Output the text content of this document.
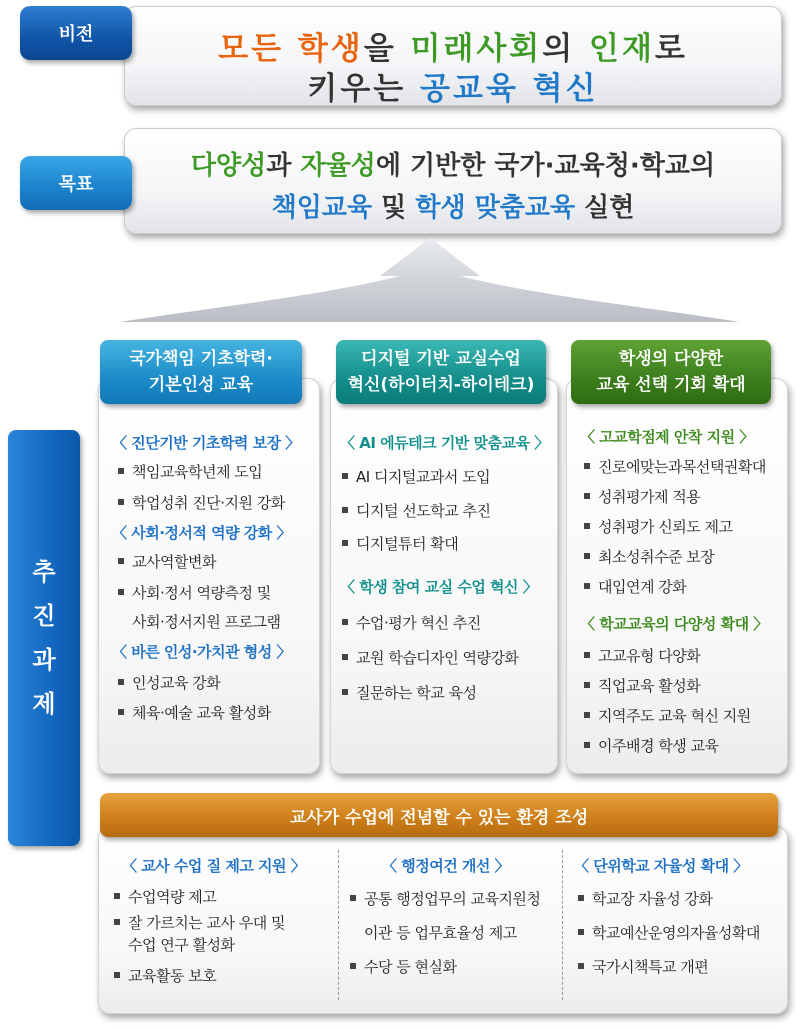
모든 학생을 미래사회의 인재로
키우는 공교육 혁신
비전
다양성과 자율성에 기반한 국가·교육청·학교의
책임교육 및 학생 맞춤교육 실현
목표
추
진
과
제
국가책임 기초학력·
기본인성 교육
〈 진단기반 기초학력 보장 〉
책임교육학년제 도입
학업성취 진단·지원 강화
〈 사회·정서적 역량 강화 〉
교사역할변화
사회·정서 역량측정 및
사회·정서지원 프로그램
〈 바른 인성·가치관 형성 〉
인성교육 강화
체육·예술 교육 활성화
디지털 기반 교실수업
혁신(하이터치-하이테크)
〈 AI 에듀테크 기반 맞춤교육 〉
AI 디지털교과서 도입
디지털 선도학교 추진
디지털튜터 확대
〈 학생 참여 교실 수업 혁신 〉
수업·평가 혁신 추진
교원 학습디자인 역량강화
질문하는 학교 육성
학생의 다양한
교육 선택 기회 확대
〈 고교학점제 안착 지원 〉
진로에맞는과목선택권확대
성취평가제 적용
성취평가 신뢰도 제고
최소성취수준 보장
대입연계 강화
〈 학교교육의 다양성 확대 〉
고교유형 다양화
직업교육 활성화
지역주도 교육 혁신 지원
이주배경 학생 교육
교사가 수업에 전념할 수 있는 환경 조성
〈 교사 수업 질 제고 지원 〉
수업역량 제고
잘 가르치는 교사 우대 및
수업 연구 활성화
교육활동 보호
〈 행정여건 개선 〉
공통 행정업무의 교육지원청
이관 등 업무효율성 제고
수당 등 현실화
〈 단위학교 자율성 확대 〉
학교장 자율성 강화
학교예산운영의자율성확대
국가시책특교 개편
